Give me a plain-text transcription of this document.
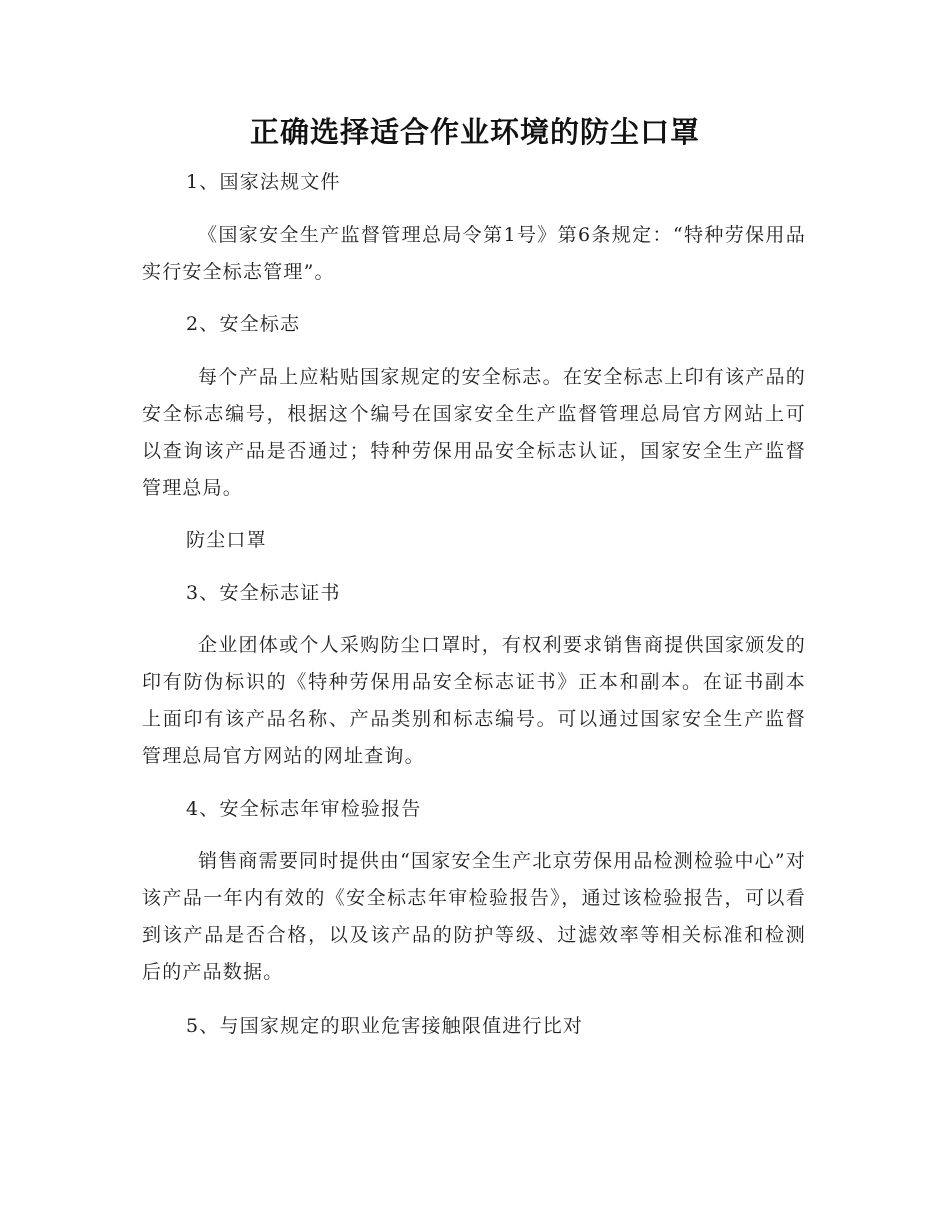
正确选择适合作业环境的防尘口罩
1、国家法规文件
《国家安全生产监督管理总局令第1号》第6条规定：“特种劳保用品实行安全标志管理”。
2、安全标志
每个产品上应粘贴国家规定的安全标志。在安全标志上印有该产品的安全标志编号，根据这个编号在国家安全生产监督管理总局官方网站上可以查询该产品是否通过；特种劳保用品安全标志认证，国家安全生产监督管理总局。
防尘口罩
3、安全标志证书
企业团体或个人采购防尘口罩时，有权利要求销售商提供国家颁发的印有防伪标识的《特种劳保用品安全标志证书》正本和副本。在证书副本上面印有该产品名称、产品类别和标志编号。可以通过国家安全生产监督管理总局官方网站的网址查询。
4、安全标志年审检验报告
销售商需要同时提供由“国家安全生产北京劳保用品检测检验中心”对该产品一年内有效的《安全标志年审检验报告》，通过该检验报告，可以看到该产品是否合格，以及该产品的防护等级、过滤效率等相关标准和检测后的产品数据。
5、与国家规定的职业危害接触限值进行比对
